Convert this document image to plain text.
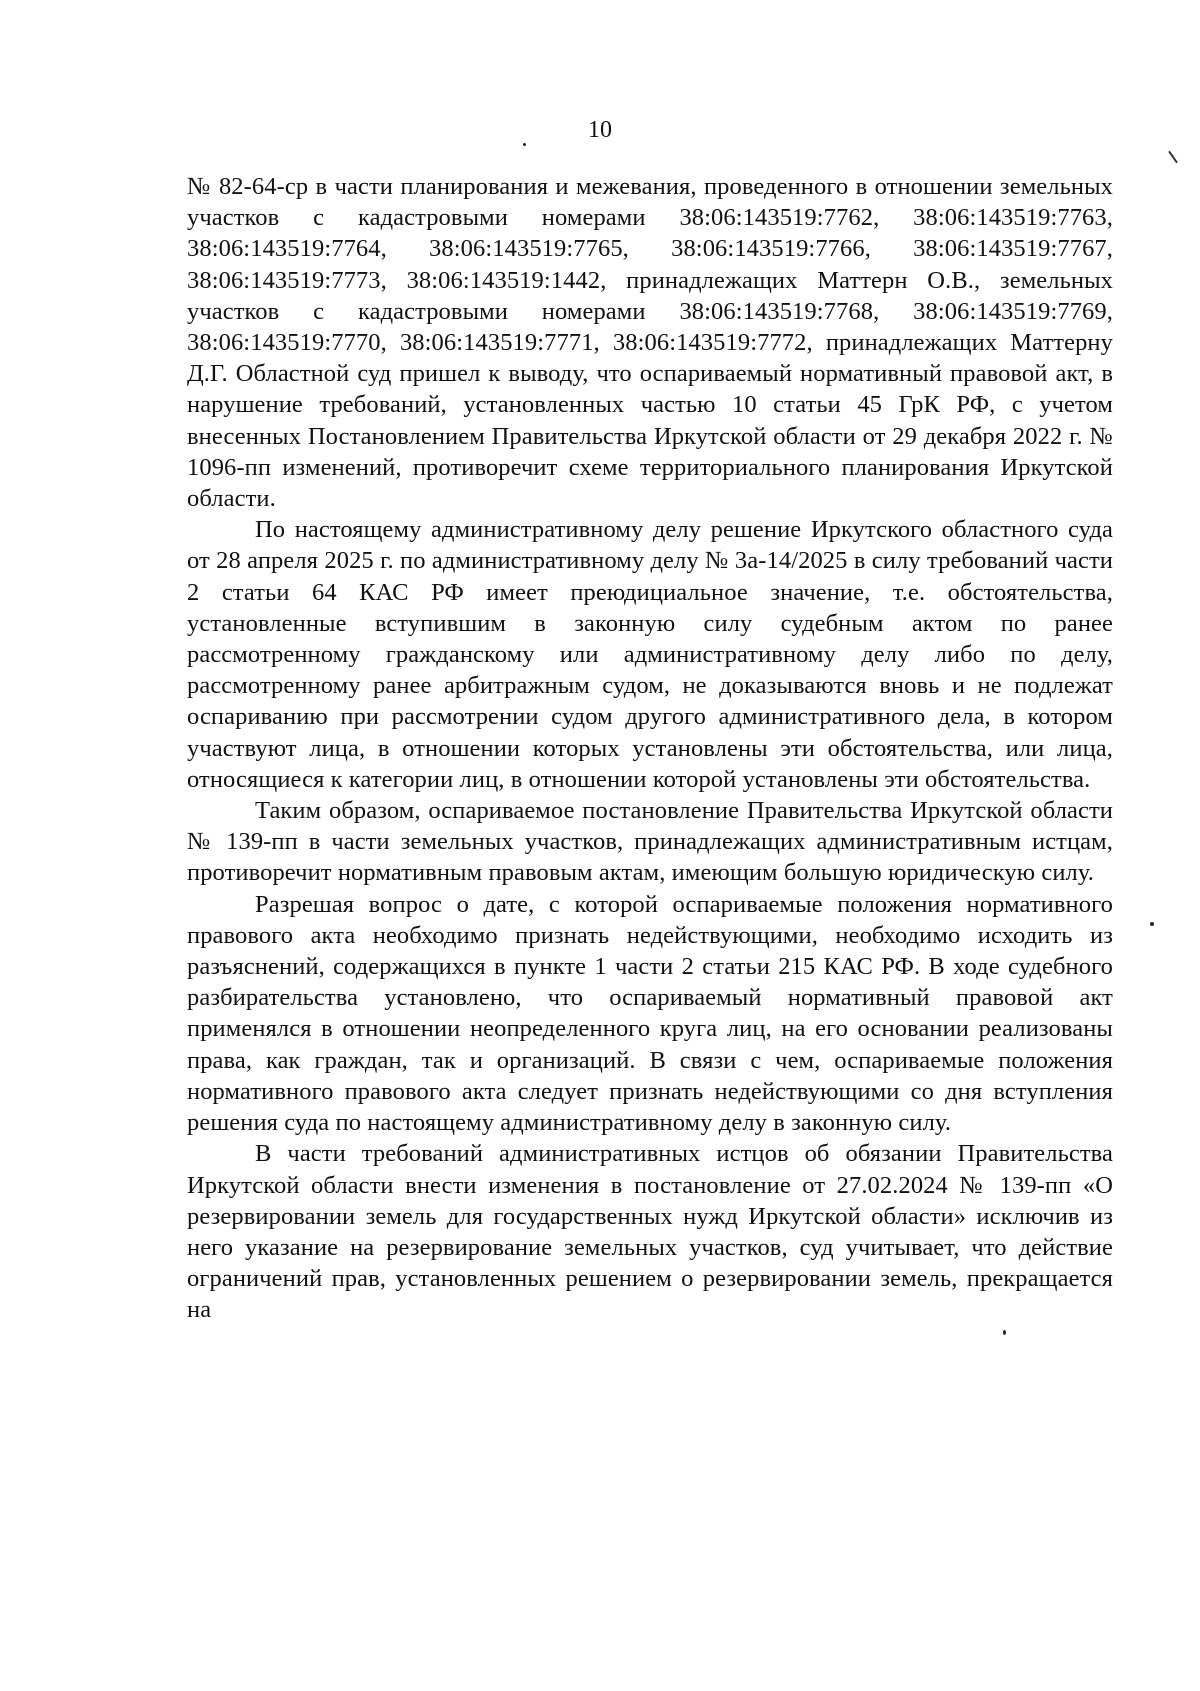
10

№ 82-64-ср в части планирования и межевания, проведенного в отношении земельных участков с кадастровыми номерами 38:06:143519:7762, 38:06:143519:7763, 38:06:143519:7764, 38:06:143519:7765, 38:06:143519:7766, 38:06:143519:7767, 38:06:143519:7773, 38:06:143519:1442, принадлежащих Маттерн О.В., земельных участков с кадастровыми номерами 38:06:143519:7768, 38:06:143519:7769, 38:06:143519:7770, 38:06:143519:7771, 38:06:143519:7772, принадлежащих Маттерну Д.Г. Областной суд пришел к выводу, что оспариваемый нормативный правовой акт, в нарушение требований, установленных частью 10 статьи 45 ГрК РФ, с учетом внесенных Постановлением Правительства Иркутской области от 29 декабря 2022 г. № 1096-пп изменений, противоречит схеме территориального планирования Иркутской области.

По настоящему административному делу решение Иркутского областного суда от 28 апреля 2025 г. по административному делу № 3а-14/2025 в силу требований части 2 статьи 64 КАС РФ имеет преюдициальное значение, т.е. обстоятельства, установленные вступившим в законную силу судебным актом по ранее рассмотренному гражданскому или административному делу либо по делу, рассмотренному ранее арбитражным судом, не доказываются вновь и не подлежат оспариванию при рассмотрении судом другого административного дела, в котором участвуют лица, в отношении которых установлены эти обстоятельства, или лица, относящиеся к категории лиц, в отношении которой установлены эти обстоятельства.

Таким образом, оспариваемое постановление Правительства Иркутской области № 139-пп в части земельных участков, принадлежащих административным истцам, противоречит нормативным правовым актам, имеющим большую юридическую силу.

Разрешая вопрос о дате, с которой оспариваемые положения нормативного правового акта необходимо признать недействующими, необходимо исходить из разъяснений, содержащихся в пункте 1 части 2 статьи 215 КАС РФ. В ходе судебного разбирательства установлено, что оспариваемый нормативный правовой акт применялся в отношении неопределенного круга лиц, на его основании реализованы права, как граждан, так и организаций. В связи с чем, оспариваемые положения нормативного правового акта следует признать недействующими со дня вступления решения суда по настоящему административному делу в законную силу.

В части требований административных истцов об обязании Правительства Иркутской области внести изменения в постановление от 27.02.2024 № 139-пп «О резервировании земель для государственных нужд Иркутской области» исключив из него указание на резервирование земельных участков, суд учитывает, что действие ограничений прав, установленных решением о резервировании земель, прекращается на
